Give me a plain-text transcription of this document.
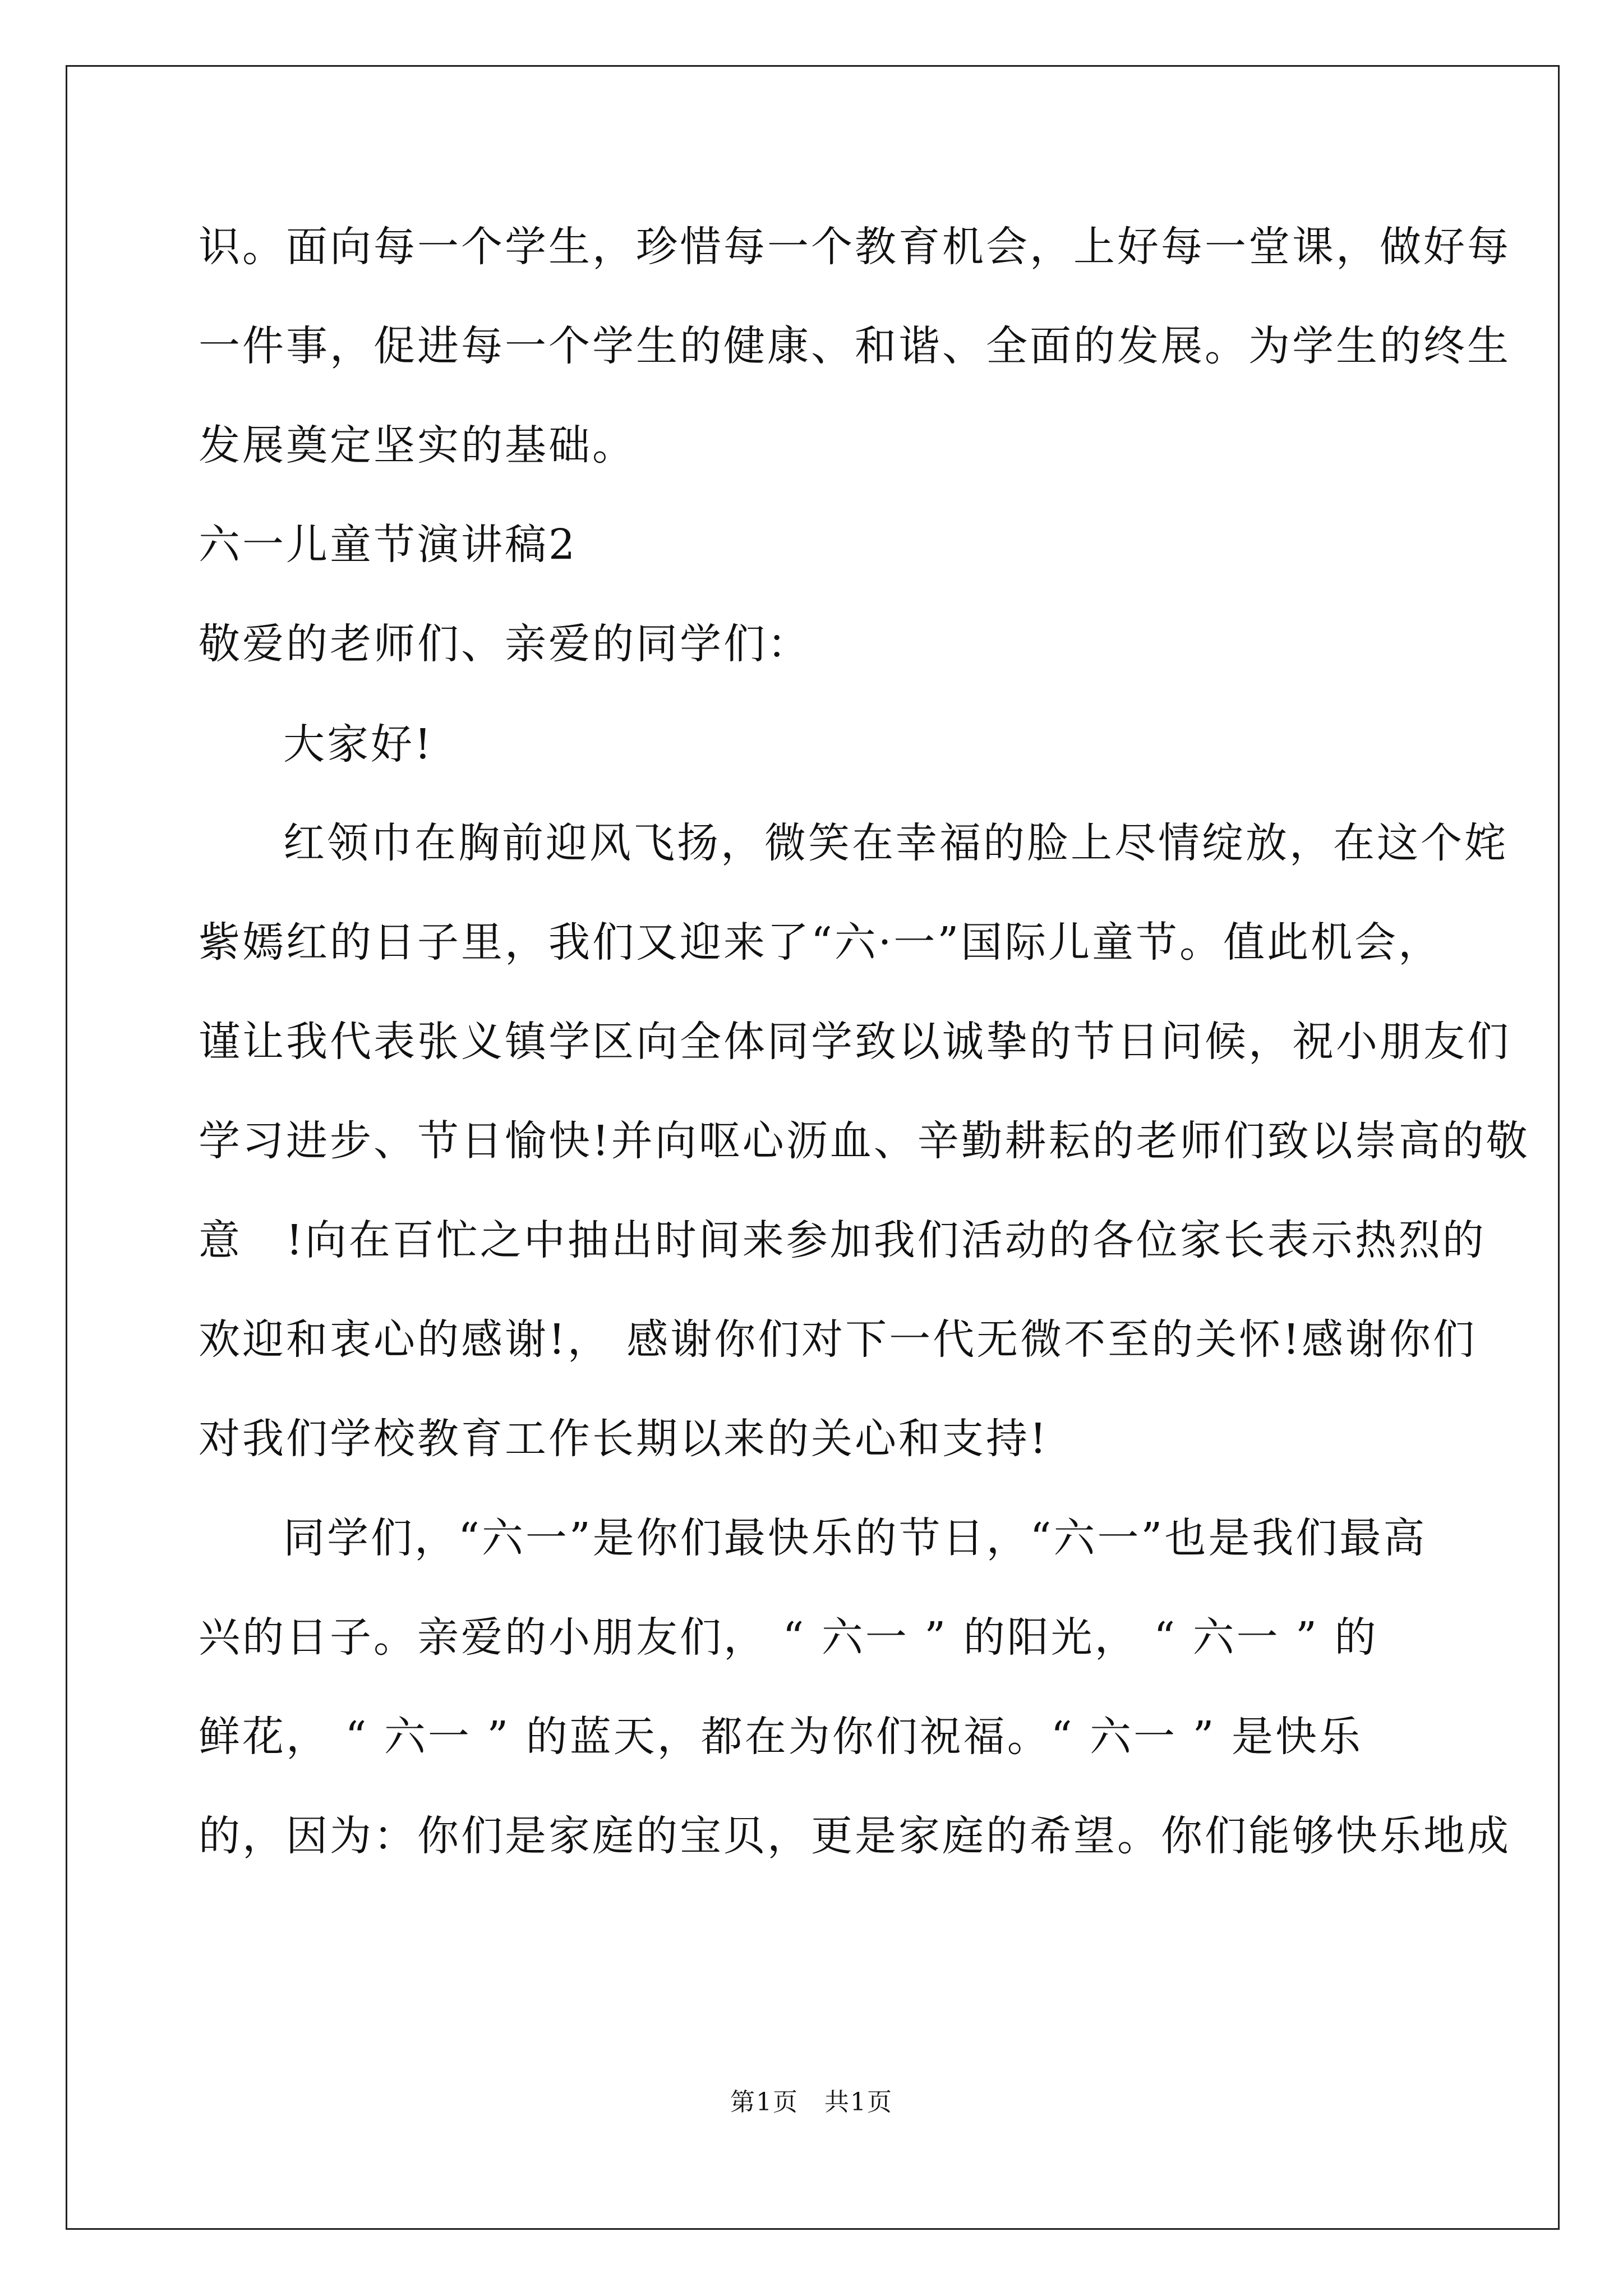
识。面向每一个学生，珍惜每一个教育机会，上好每一堂课，做好每
一件事，促进每一个学生的健康、和谐、全面的发展。为学生的终生
发展奠定坚实的基础。
六一儿童节演讲稿2
敬爱的老师们、亲爱的同学们：
大家好!
红领巾在胸前迎风飞扬，微笑在幸福的脸上尽情绽放，在这个姹
紫嫣红的日子里，我们又迎来了“六·一”国际儿童节。值此机会，
谨让我代表张义镇学区向全体同学致以诚挚的节日问候，祝小朋友们
学习进步、节日愉快!并向呕心沥血、辛勤耕耘的老师们致以崇高的敬
意　!向在百忙之中抽出时间来参加我们活动的各位家长表示热烈的
欢迎和衷心的感谢!， 感谢你们对下一代无微不至的关怀!感谢你们
对我们学校教育工作长期以来的关心和支持!
同学们，“六一”是你们最快乐的节日，“六一”也是我们最高
兴的日子。亲爱的小朋友们， “ 六一 ” 的阳光， “ 六一 ” 的
鲜花， “ 六一 ” 的蓝天，都在为你们祝福。“ 六一 ” 是快乐
的，因为：你们是家庭的宝贝，更是家庭的希望。你们能够快乐地成
第1页　共1页
